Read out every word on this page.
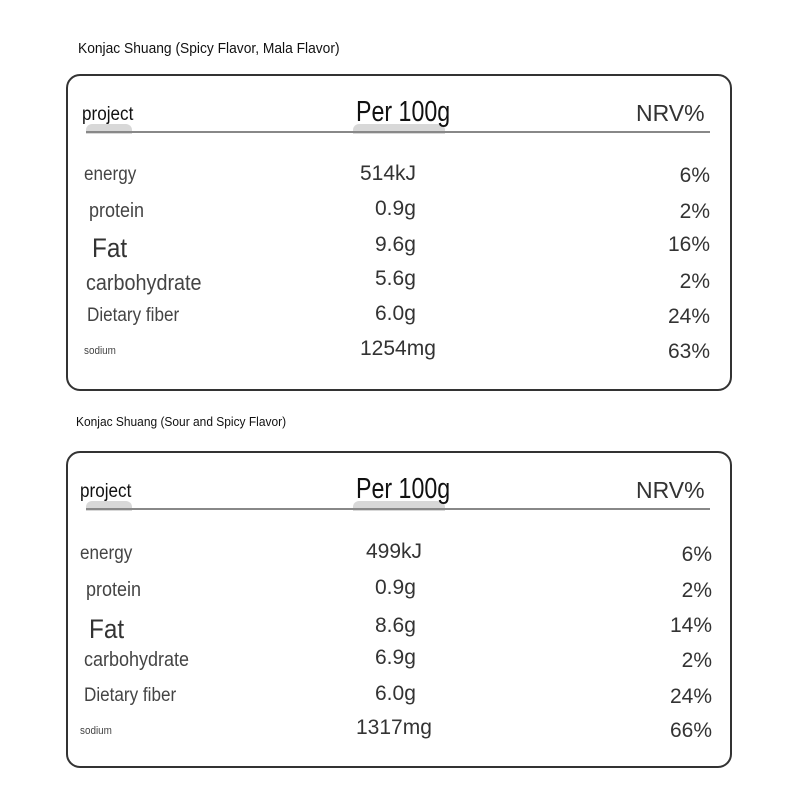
Konjac Shuang (Spicy Flavor, Mala Flavor)
project	Per 100g	NRV%
energy	514kJ	6%
protein	0.9g	2%
Fat	9.6g	16%
carbohydrate	5.6g	2%
Dietary fiber	6.0g	24%
sodium	1254mg	63%
Konjac Shuang (Sour and Spicy Flavor)
project	Per 100g	NRV%
energy	499kJ	6%
protein	0.9g	2%
Fat	8.6g	14%
carbohydrate	6.9g	2%
Dietary fiber	6.0g	24%
sodium	1317mg	66%
